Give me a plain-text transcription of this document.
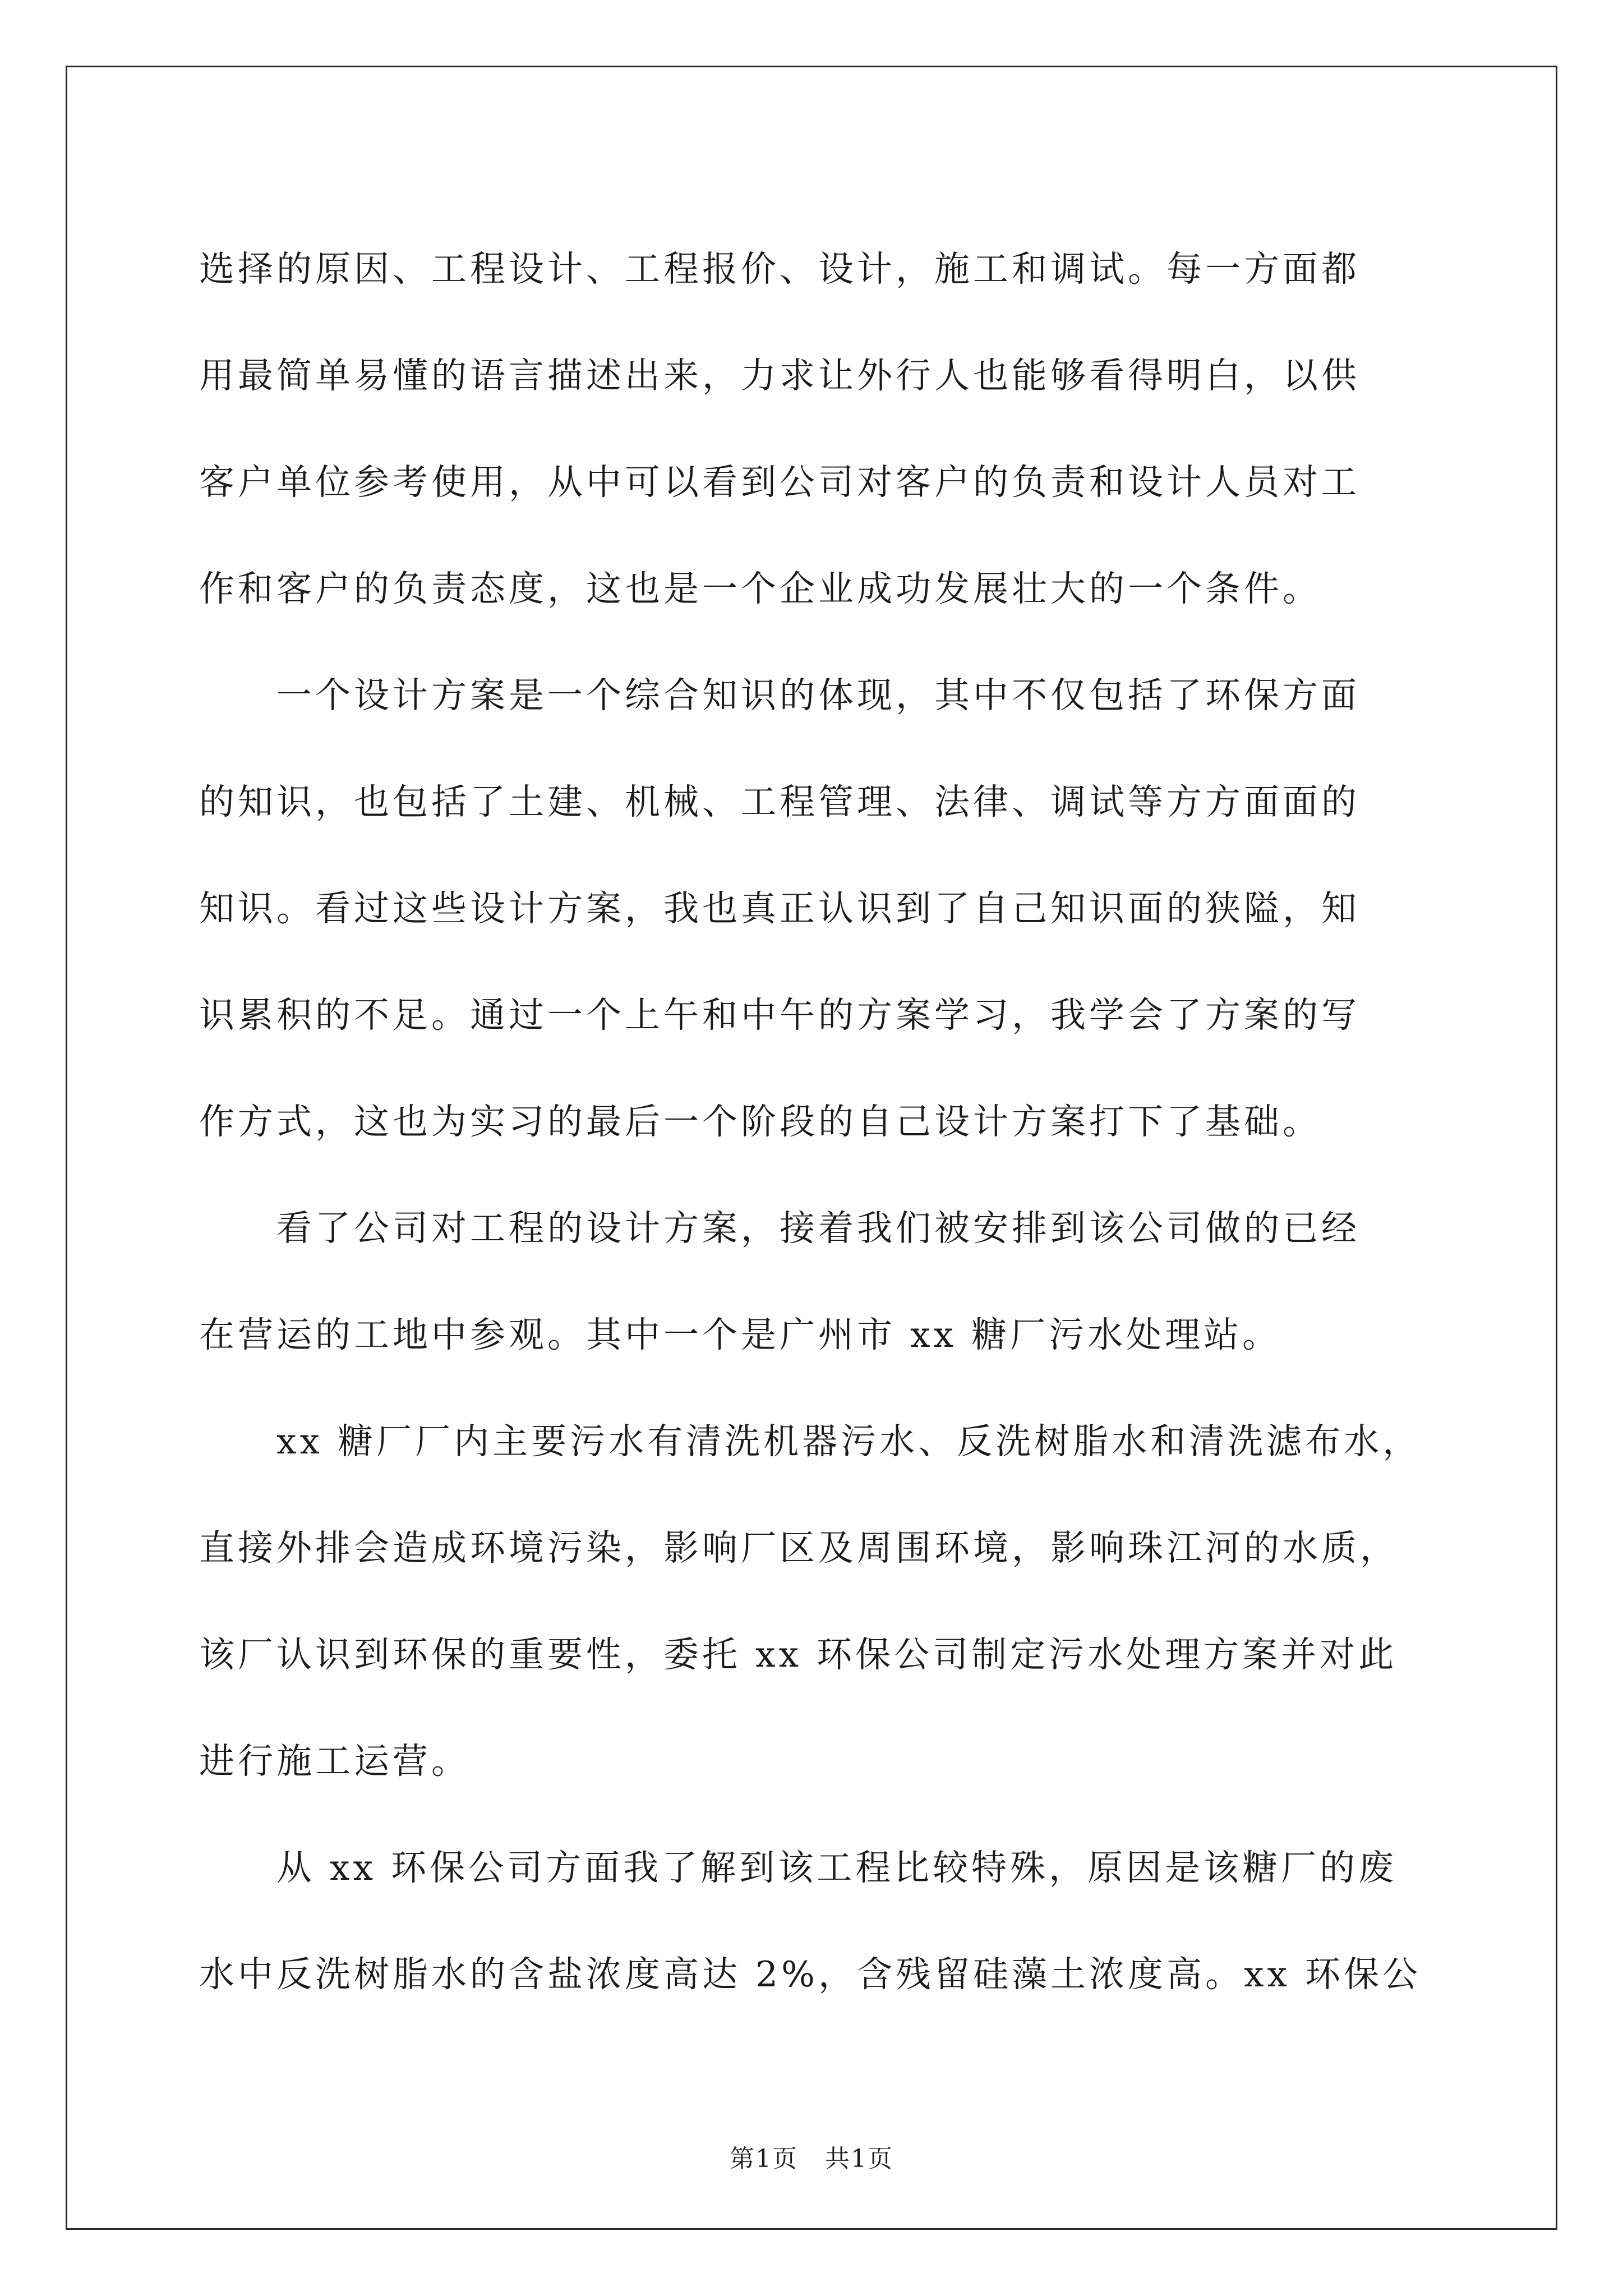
选择的原因、工程设计、工程报价、设计，施工和调试。每一方面都
用最简单易懂的语言描述出来，力求让外行人也能够看得明白，以供
客户单位参考使用，从中可以看到公司对客户的负责和设计人员对工
作和客户的负责态度，这也是一个企业成功发展壮大的一个条件。
　　一个设计方案是一个综合知识的体现，其中不仅包括了环保方面
的知识，也包括了土建、机械、工程管理、法律、调试等方方面面的
知识。看过这些设计方案，我也真正认识到了自己知识面的狭隘，知
识累积的不足。通过一个上午和中午的方案学习，我学会了方案的写
作方式，这也为实习的最后一个阶段的自己设计方案打下了基础。
　　看了公司对工程的设计方案，接着我们被安排到该公司做的已经
在营运的工地中参观。其中一个是广州市 xx 糖厂污水处理站。
　　xx 糖厂厂内主要污水有清洗机器污水、反洗树脂水和清洗滤布水，
直接外排会造成环境污染，影响厂区及周围环境，影响珠江河的水质，
该厂认识到环保的重要性，委托 xx 环保公司制定污水处理方案并对此
进行施工运营。
　　从 xx 环保公司方面我了解到该工程比较特殊，原因是该糖厂的废
水中反洗树脂水的含盐浓度高达 2%，含残留硅藻土浓度高。xx 环保公
第1页 共1页
